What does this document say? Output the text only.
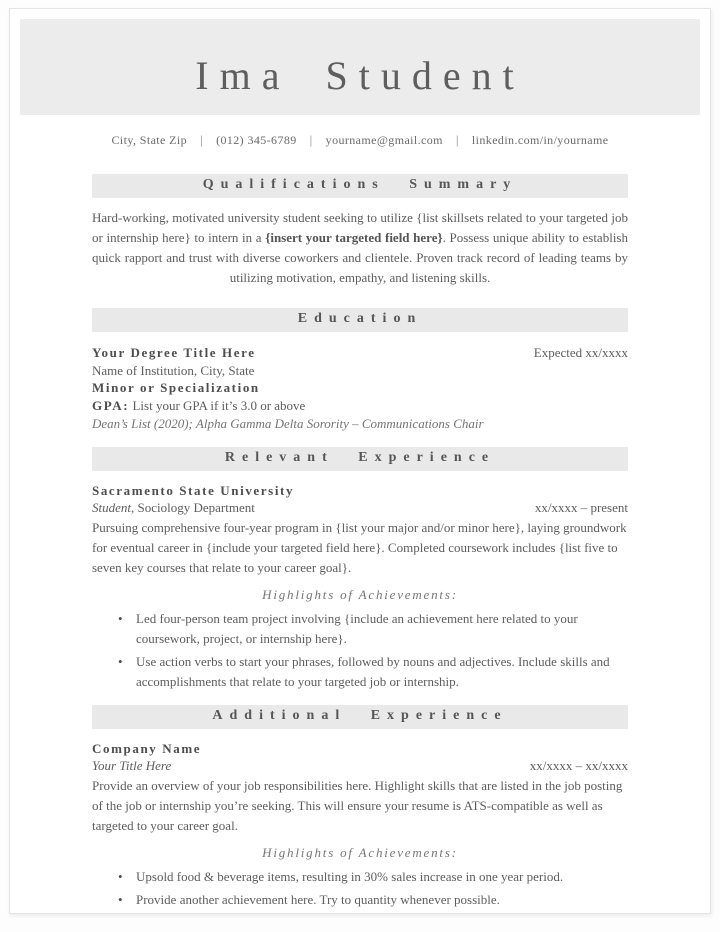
Ima Student
City, State Zip | (012) 345-6789 | yourname@gmail.com | linkedin.com/in/yourname
Qualifications Summary

Hard-working, motivated university student seeking to utilize {list skillsets related to your targeted job or internship here} to intern in a {insert your targeted field here}. Possess unique ability to establish quick rapport and trust with diverse coworkers and clientele. Proven track record of leading teams by utilizing motivation, empathy, and listening skills.

Education
Your Degree Title Here	Expected xx/xxxx
Name of Institution, City, State
Minor or Specialization
GPA: List your GPA if it’s 3.0 or above
Dean’s List (2020); Alpha Gamma Delta Sorority – Communications Chair
Relevant Experience
Sacramento State University
Student, Sociology Department	xx/xxxx – present
Pursuing comprehensive four-year program in {list your major and/or minor here}, laying groundwork for eventual career in {include your targeted field here}. Completed coursework includes {list five to seven key courses that relate to your career goal}.
Highlights of Achievements:
• Led four-person team project involving {include an achievement here related to your coursework, project, or internship here}.
• Use action verbs to start your phrases, followed by nouns and adjectives. Include skills and accomplishments that relate to your targeted job or internship.
Additional Experience
Company Name
Your Title Here	xx/xxxx – xx/xxxx
Provide an overview of your job responsibilities here. Highlight skills that are listed in the job posting of the job or internship you’re seeking. This will ensure your resume is ATS-compatible as well as targeted to your career goal.
Highlights of Achievements:
• Upsold food & beverage items, resulting in 30% sales increase in one year period.
• Provide another achievement here. Try to quantity whenever possible.
